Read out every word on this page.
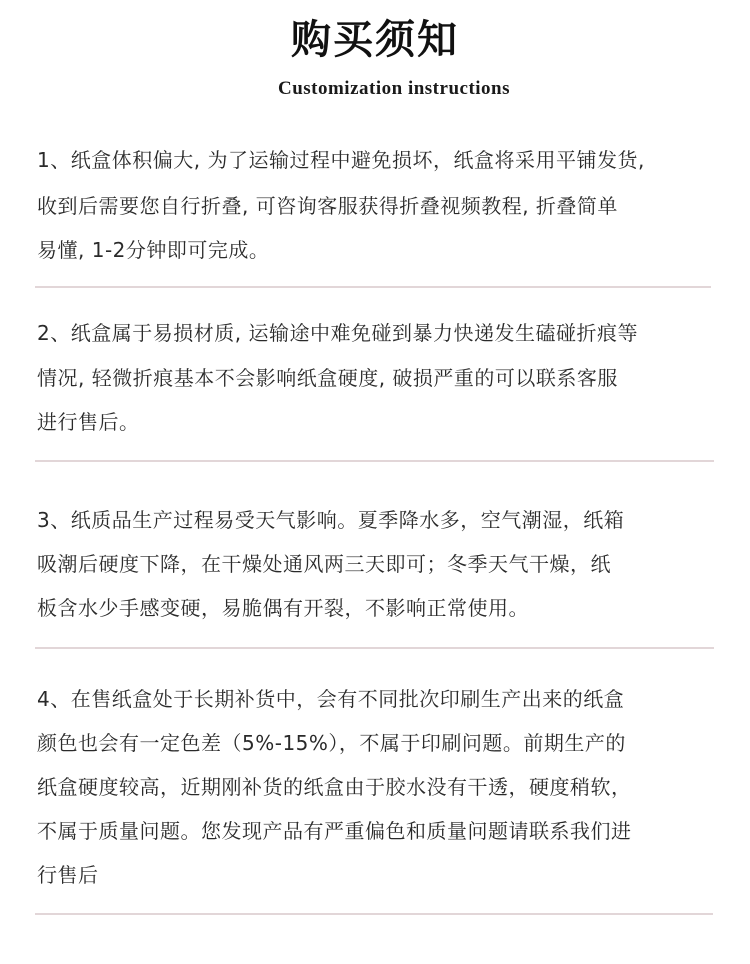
购买须知
Customization instructions
1、纸盒体积偏大, 为了运输过程中避免损坏，纸盒将采用平铺发货,
收到后需要您自行折叠, 可咨询客服获得折叠视频教程, 折叠简单
易懂, 1-2分钟即可完成。
2、纸盒属于易损材质, 运输途中难免碰到暴力快递发生磕碰折痕等
情况, 轻微折痕基本不会影响纸盒硬度, 破损严重的可以联系客服
进行售后。
3、纸质品生产过程易受天气影响。夏季降水多，空气潮湿，纸箱
吸潮后硬度下降，在干燥处通风两三天即可；冬季天气干燥，纸
板含水少手感变硬，易脆偶有开裂，不影响正常使用。
4、在售纸盒处于长期补货中，会有不同批次印刷生产出来的纸盒
颜色也会有一定色差（5%-15%），不属于印刷问题。前期生产的
纸盒硬度较高，近期刚补货的纸盒由于胶水没有干透，硬度稍软，
不属于质量问题。您发现产品有严重偏色和质量问题请联系我们进
行售后
